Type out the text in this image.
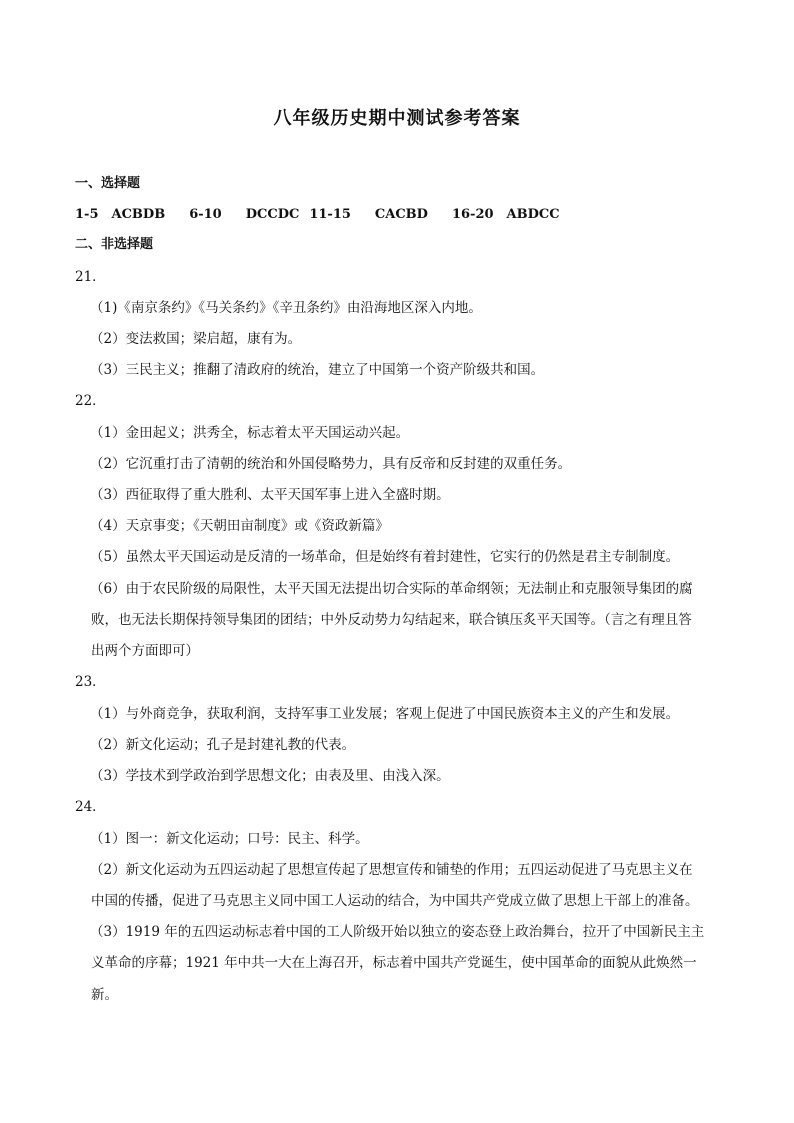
八年级历史期中测试参考答案
一、选择题
1-5 ACBDB 6-10 DCCDC 11-15 CACBD 16-20 ABDCC
二、非选择题
21．
（1)《南京条约》《马关条约》《辛丑条约》由沿海地区深入内地。
（2）变法救国；梁启超，康有为。
（3）三民主义；推翻了清政府的统治，建立了中国第一个资产阶级共和国。
22．
（1）金田起义；洪秀全，标志着太平天国运动兴起。
（2）它沉重打击了清朝的统治和外国侵略势力，具有反帝和反封建的双重任务。
（3）西征取得了重大胜利、太平天国军事上进入全盛时期。
（4）天京事变；《天朝田亩制度》或《资政新篇》
（5）虽然太平天国运动是反清的一场革命，但是始终有着封建性，它实行的仍然是君主专制制度。
（6）由于农民阶级的局限性，太平天国无法提出切合实际的革命纲领；无法制止和克服领导集团的腐
败，也无法长期保持领导集团的团结；中外反动势力勾结起来，联合镇压炙平天国等。（言之有理且答
出两个方面即可）
23．
（1）与外商竞争，获取利润，支持军事工业发展；客观上促进了中国民族资本主义的产生和发展。
（2）新文化运动；孔子是封建礼教的代表。
（3）学技术到学政治到学思想文化；由表及里、由浅入深。
24．
（1）图一：新文化运动；口号：民主、科学。
（2）新文化运动为五四运动起了思想宣传起了思想宣传和铺垫的作用；五四运动促进了马克思主义在
中国的传播，促进了马克思主义同中国工人运动的结合，为中国共产党成立做了思想上干部上的准备。
（3）1919 年的五四运动标志着中国的工人阶级开始以独立的姿态登上政治舞台，拉开了中国新民主主
义革命的序幕；1921 年中共一大在上海召开，标志着中国共产党诞生，使中国革命的面貌从此焕然一
新。
